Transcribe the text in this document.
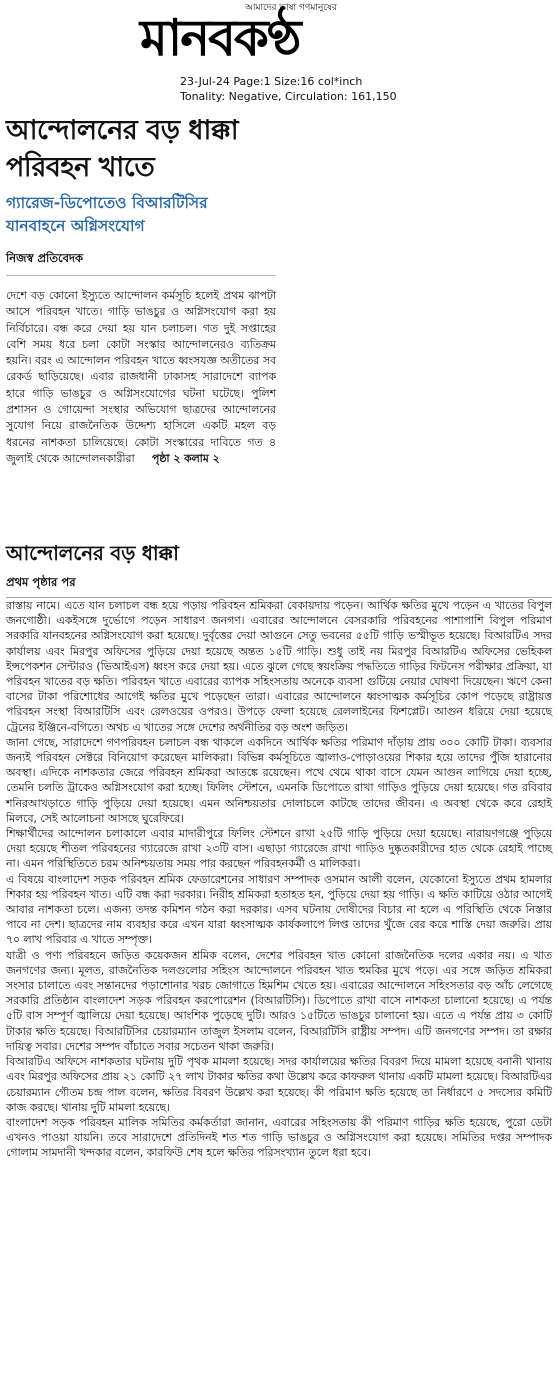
আমাদের ভাষা গণমানুষের
মানবকণ্ঠ
23-Jul-24 Page:1 Size:16 col*inch
Tonality: Negative, Circulation: 161,150
আন্দোলনের বড় ধাক্কা
পরিবহন খাতে
গ্যারেজ-ডিপোতেও বিআরটিসির
যানবাহনে অগ্নিসংযোগ
নিজস্ব প্রতিবেদক

দেশে বড় কোনো ইস্যুতে আন্দোলন কর্মসূচি হলেই প্রথম ঝাপটা আসে পরিবহন খাতে। গাড়ি ভাঙচুর ও অগ্নিসংযোগ করা হয় নির্বিচারে। বন্ধ করে দেয়া হয় যান চলাচল। গত দুই সপ্তাহের বেশি সময় ধরে চলা কোটা সংস্কার আন্দোলনেরও ব্যতিক্রম হয়নি। বরং এ আন্দোলন পরিবহন খাতে ধ্বংসযজ্ঞ অতীতের সব রেকর্ড ছাড়িয়েছে। এবার রাজধানী ঢাকাসহ সারাদেশে ব্যাপক হারে গাড়ি ভাঙচুর ও অগ্নিসংযোগের ঘটনা ঘটেছে। পুলিশ প্রশাসন ও গোয়েন্দা সংস্থার অভিযোগ ছাত্রদের আন্দোলনের সুযোগ নিয়ে রাজনৈতিক উদ্দেশ্য হাসিলে একটি মহল বড় ধরনের নাশকতা চালিয়েছে। কোটা সংস্কারের দাবিতে গত ৪ জুলাই থেকে আন্দোলনকারীরা পৃষ্ঠা ২ কলাম ২

আন্দোলনের বড় ধাক্কা
প্রথম পৃষ্ঠার পর

রাস্তায় নামে। এতে যান চলাচল বন্ধ হয়ে পড়ায় পরিবহন শ্রমিকরা বেকায়দায় পড়েন। আর্থিক ক্ষতির মুখে পড়েন এ খাতের বিপুল জনগোষ্ঠী। একইসঙ্গে দুর্ভোগে পড়েন সাধারণ জনগণ। এবারের আন্দোলনে বেসরকারি পরিবহনের পাশাপাশি বিপুল পরিমাণ সরকারি যানবহনের অগ্নিসংযোগ করা হয়েছে। দুর্বৃত্তের দেয়া আগুনে সেতু ভবনের ৫৫টি গাড়ি ভস্মীভূত হয়েছে। বিআরটিএ সদর কার্যালয় এবং মিরপুর অফিসের পুড়িয়ে দেয়া হয়েছে অন্তত ১৫টি গাড়ি। শুধু তাই নয় মিরপুর বিআরটিএ অফিসের ভেহিকল ইন্সপেকশন সেন্টারও (ভিআইএস) ধ্বংস করে দেয়া হয়। এতে ঝুলে গেছে স্বয়ংক্রিয় পদ্ধতিতে গাড়ির ফিটনেস পরীক্ষার প্রক্রিয়া, যা পরিবহন খাতের বড় ক্ষতি। পরিবহন খাতে এবারের ব্যাপক সহিংসতায় অনেকে ব্যবসা গুটিয়ে নেয়ার ঘোষণা দিয়েছেন। ঋণে কেনা বাসের টাকা পরিশোধের আগেই ক্ষতির মুখে পড়েছেন তারা। এবারের আন্দোলনে ধ্বংসাত্মক কর্মসূচির কোপ পড়েছে রাষ্ট্রায়ত্ত পরিবহন সংস্থা বিআরটিসি এবং রেলওয়ের ওপরও। উপড়ে ফেলা হয়েছে রেললাইনের ফিশপ্লেট। আগুন ধরিয়ে দেয়া হয়েছে ট্রেনের ইঞ্জিনে-বগিতে। অথচ এ খাতের সঙ্গে দেশের অর্থনীতির বড় অংশ জড়িত।

জানা গেছে, সারাদেশে গণপরিবহন চলাচল বন্ধ থাকলে একদিনে আর্থিক ক্ষতির পরিমাণ দাঁড়ায় প্রায় ৩০০ কোটি টাকা। ব্যবসার জন্যই পরিবহন সেক্টরে বিনিয়োগ করেছেন মালিকরা। বিভিন্ন কর্মসূচিতে জ্বালাও-পোড়াওয়ের শিকার হয়ে তাদের পুঁজি হারানোর অবস্থা। এদিকে নাশকতার জেরে পরিবহন শ্রমিকরা আতঙ্কে রয়েছেন। পথে থেমে থাকা বাসে যেমন আগুন লাগিয়ে দেয়া হচ্ছে, তেমনি চলতি ট্রাকেও অগ্নিসংযোগ করা হচ্ছে। ফিলিং স্টেশনে, এমনকি ডিপোতে রাখা গাড়িও পুড়িয়ে দেয়া হয়েছে। গত রবিবার শনিরআখড়াতে গাড়ি পুড়িয়ে দেয়া হয়েছে। এমন অনিশ্চয়তার দোলাচলে কাটছে তাদের জীবন। এ অবস্থা থেকে কবে রেহাই মিলবে, সেই আলোচনা আসছে ঘুরেফিরে।

শিক্ষার্থীদের আন্দোলন চলাকালে এবার মাদারীপুরে ফিলিং স্টেশনে রাখা ২৫টি গাড়ি পুড়িয়ে দেয়া হয়েছে। নারায়ণগঞ্জে পুড়িয়ে দেয়া হয়েছে শীতল পরিবহনের গ্যারেজে রাখা ২৩টি বাস। এছাড়া গ্যারেজে রাখা গাড়িও দুষ্কৃতকারীদের হাত থেকে রেহাই পাচ্ছে না। এমন পরিস্থিতিতে চরম অনিশ্চয়তায় সময় পার করছেন পরিবহনকর্মী ও মালিকরা।

এ বিষয়ে বাংলাদেশ সড়ক পরিবহন শ্রমিক ফেডারেশনের সাধারণ সম্পাদক ওসমান আলী বলেন, যেকোনো ইস্যুতে প্রথম হামলার শিকার হয় পরিবহন খাত। এটি বন্ধ করা দরকার। নিরীহ শ্রমিকরা হতাহত হন, পুড়িয়ে দেয়া হয় গাড়ি। এ ক্ষতি কাটিয়ে ওঠার আগেই আবার নাশকতা চলে। এজন্য তদন্ত কমিশন গঠন করা দরকার। এসব ঘটনায় দোষীদের বিচার না হলে এ পরিস্থিতি থেকে নিস্তার পাবে না দেশ। ছাত্রদের নাম ব্যবহার করে এখন যারা ধ্বংসাত্মক কার্যকলাপে লিপ্ত তাদের খুঁজে বের করে শাস্তি দেয়া জরুরি। প্রায় ৭০ লাখ পরিবার এ খাতে সম্পৃক্ত।

যাত্রী ও পণ্য পরিবহনে জড়িত কয়েকজন শ্রমিক বলেন, দেশের পরিবহন খাত কোনো রাজনৈতিক দলের একার নয়। এ খাত জনগণের জন্য। মূলত, রাজনৈতিক দলগুলোর সহিংস আন্দোলনে পরিবহন খাত হুমকির মুখে পড়ে। এর সঙ্গে জড়িত শ্রমিকরা সংসার চালাতে এবং সন্তানদের পড়াশোনার খরচ জোগাতে হিমশিম খেতে হয়। এবারের আন্দোলনে সহিংসতার বড় আঁচ লেগেছে সরকারি প্রতিষ্ঠান বাংলাদেশ সড়ক পরিবহন করপোরেশন (বিআরটিসি)। ডিপোতে রাখা বাসে নাশকতা চালানো হয়েছে। এ পর্যন্ত ৫টি বাস সম্পূর্ণ জ্বালিয়ে দেয়া হয়েছে। আংশিক পুড়েছে দুটি। আরও ১৫টিতে ভাঙচুর চালানো হয়। এতে এ পর্যন্ত প্রায় ৩ কোটি টাকার ক্ষতি হয়েছে। বিআরটিসির চেয়ারম্যান তাজুল ইসলাম বলেন, বিআরটিসি রাষ্ট্রীয় সম্পদ। এটি জনগণের সম্পদ। তা রক্ষার দায়িত্ব সবার। দেশের সম্পদ বাঁচাতে সবার সচেতন থাকা জরুরি।

বিআরটিএ অফিসে নাশকতার ঘটনায় দুটি পৃথক মামলা হয়েছে। সদর কার্যালয়ের ক্ষতির বিবরণ দিয়ে মামলা হয়েছে বনানী থানায় এবং মিরপুর অফিসের প্রায় ২১ কোটি ২৭ লাখ টাকার ক্ষতির কথা উল্লেখ করে কাফরুল থানায় একটি মামলা হয়েছে। বিআরটিএর চেয়ারম্যান গৌতম চন্দ্র পাল বলেন, ক্ষতির বিবরণ উল্লেখ করা হয়েছে। কী পরিমাণ ক্ষতি হয়েছে তা নির্ধারণে ৫ সদস্যের কমিটি কাজ করছে। থানায় দুটি মামলা হয়েছে।

বাংলাদেশ সড়ক পরিবহন মালিক সমিতির কর্মকর্তারা জানান, এবারের সহিংসতায় কী পরিমাণ গাড়ির ক্ষতি হয়েছে, পুরো ডেটা এখনও পাওয়া যায়নি। তবে সারাদেশে প্রতিদিনই শত শত গাড়ি ভাঙচুর ও অগ্নিসংযোগ করা হয়েছে। সমিতির দপ্তর সম্পাদক গোলাম সামদানী খন্দকার বলেন, কারফিউ শেষ হলে ক্ষতির পরিসংখ্যান তুলে ধরা হবে।
